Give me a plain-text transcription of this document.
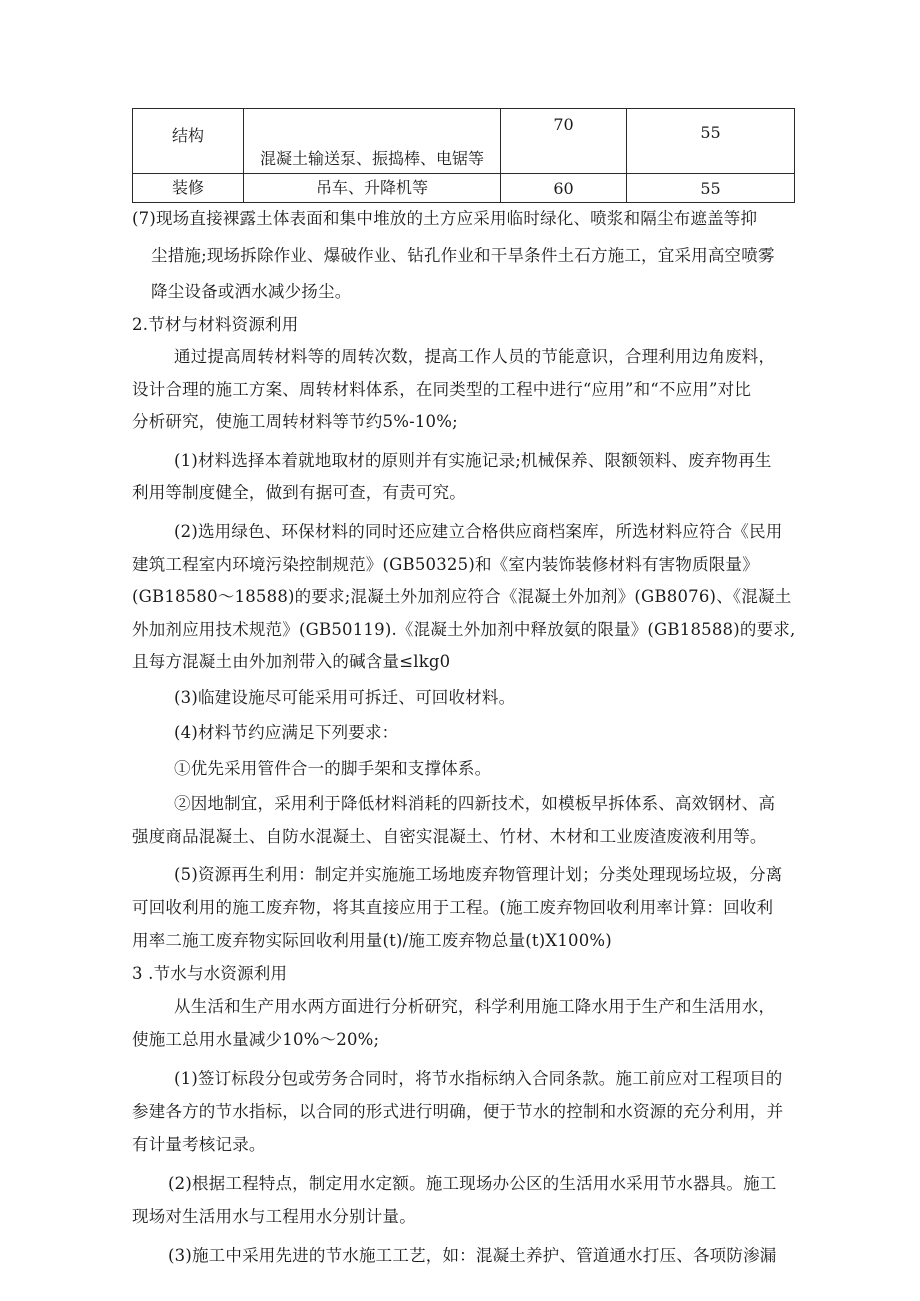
结构	混凝土输送泵、振捣棒、电锯等	70	55

装修	吊车、升降机等	60	55
(7)现场直接裸露土体表面和集中堆放的土方应采用临时绿化、喷浆和隔尘布遮盖等抑
尘措施;现场拆除作业、爆破作业、钻孔作业和干旱条件土石方施工，宜采用高空喷雾
降尘设备或洒水减少扬尘。
2.节材与材料资源利用
通过提高周转材料等的周转次数，提高工作人员的节能意识，合理利用边角废料，
设计合理的施工方案、周转材料体系，在同类型的工程中进行“应用”和“不应用”对比
分析研究，使施工周转材料等节约5%-10%;
(1)材料选择本着就地取材的原则并有实施记录;机械保养、限额领料、废弃物再生
利用等制度健全，做到有据可查，有责可究。
(2)选用绿色、环保材料的同时还应建立合格供应商档案库，所选材料应符合《民用
建筑工程室内环境污染控制规范》(GB50325)和《室内装饰装修材料有害物质限量》
(GB18580〜18588)的要求;混凝土外加剂应符合《混凝土外加剂》(GB8076)、《混凝土
外加剂应用技术规范》(GB50119).《混凝土外加剂中释放氨的限量》(GB18588)的要求,
且每方混凝土由外加剂带入的碱含量≤lkg0
(3)临建设施尽可能采用可拆迁、可回收材料。
(4)材料节约应满足下列要求：
①优先采用管件合一的脚手架和支撑体系。
②因地制宜，采用利于降低材料消耗的四新技术，如模板早拆体系、高效钢材、高
强度商品混凝土、自防水混凝土、自密实混凝土、竹材、木材和工业废渣废液利用等。
(5)资源再生利用：制定并实施施工场地废弃物管理计划；分类处理现场垃圾，分离
可回收利用的施工废弃物，将其直接应用于工程。(施工废弃物回收利用率计算：回收利
用率二施工废弃物实际回收利用量(t)/施工废弃物总量(t)X100%)
3 .节水与水资源利用
从生活和生产用水两方面进行分析研究，科学利用施工降水用于生产和生活用水，
使施工总用水量减少10%〜20%;
(1)签订标段分包或劳务合同时，将节水指标纳入合同条款。施工前应对工程项目的
参建各方的节水指标，以合同的形式进行明确，便于节水的控制和水资源的充分利用，并
有计量考核记录。
(2)根据工程特点，制定用水定额。施工现场办公区的生活用水采用节水器具。施工
现场对生活用水与工程用水分别计量。
(3)施工中采用先进的节水施工工艺，如：混凝土养护、管道通水打压、各项防渗漏
